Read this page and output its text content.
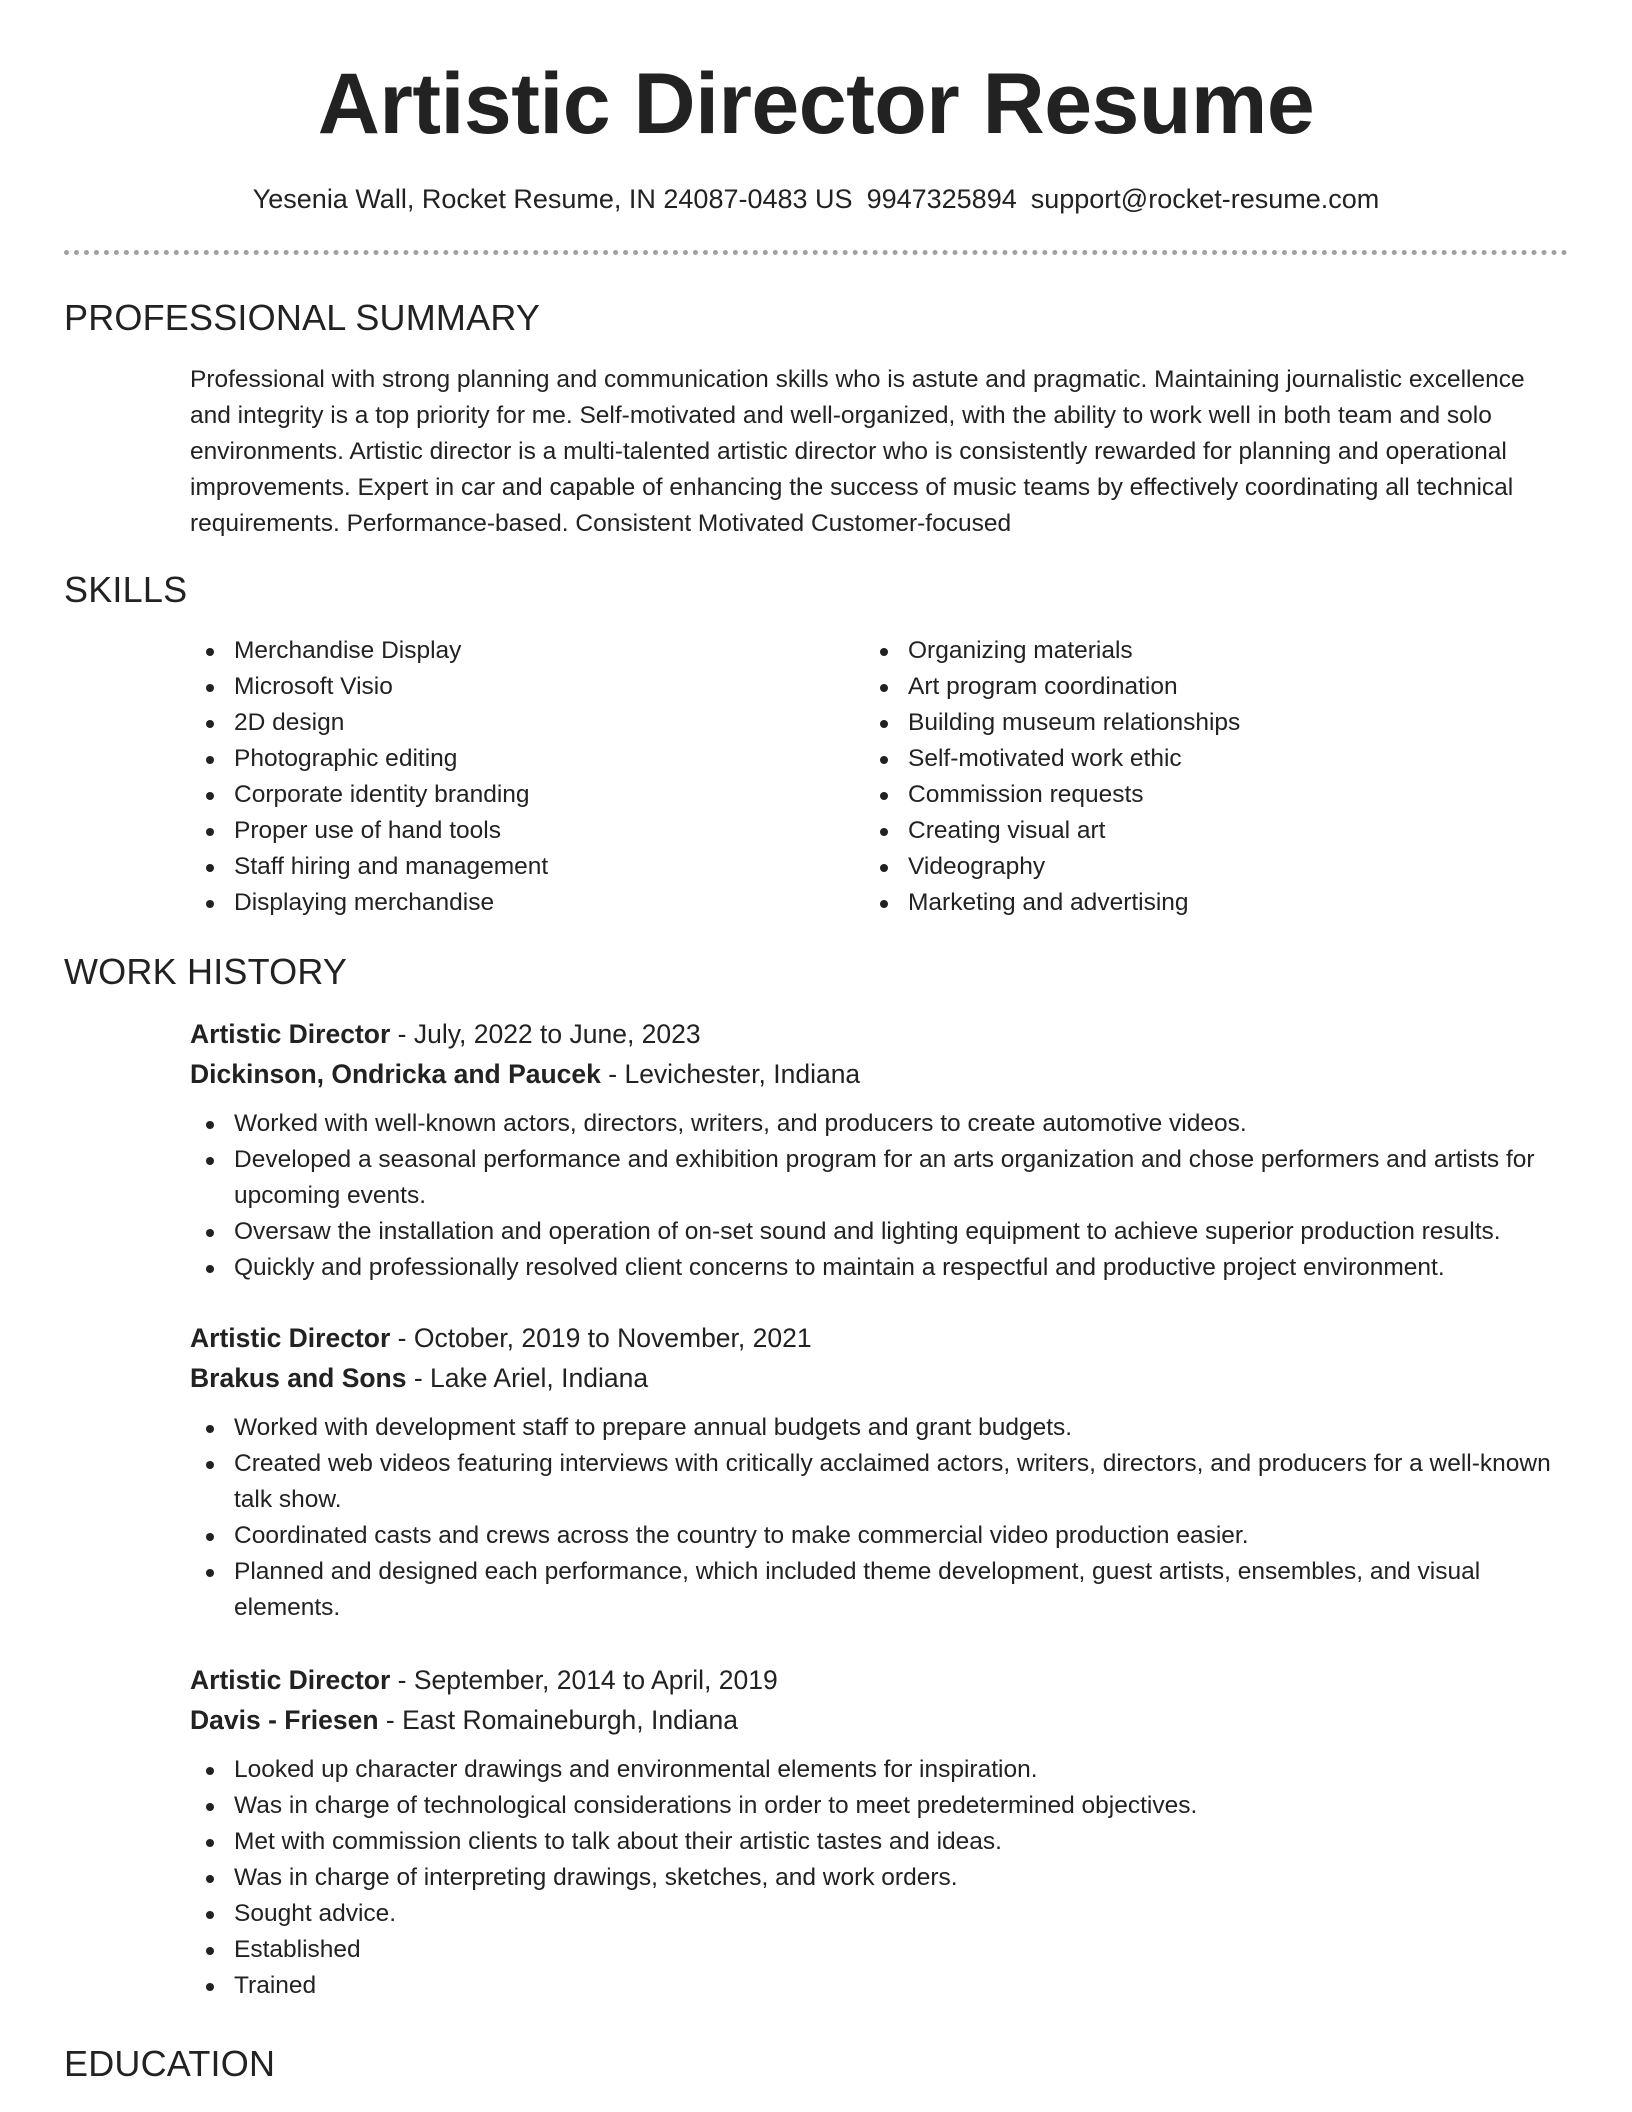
Artistic Director Resume
Yesenia Wall, Rocket Resume, IN 24087-0483 US 9947325894 support@rocket-resume.com
PROFESSIONAL SUMMARY
Professional with strong planning and communication skills who is astute and pragmatic. Maintaining journalistic excellence and integrity is a top priority for me. Self-motivated and well-organized, with the ability to work well in both team and solo environments. Artistic director is a multi-talented artistic director who is consistently rewarded for planning and operational improvements. Expert in car and capable of enhancing the success of music teams by effectively coordinating all technical requirements. Performance-based. Consistent Motivated Customer-focused
SKILLS
Merchandise Display
Microsoft Visio
2D design
Photographic editing
Corporate identity branding
Proper use of hand tools
Staff hiring and management
Displaying merchandise
Organizing materials
Art program coordination
Building museum relationships
Self-motivated work ethic
Commission requests
Creating visual art
Videography
Marketing and advertising
WORK HISTORY
Artistic Director - July, 2022 to June, 2023
Dickinson, Ondricka and Paucek - Levichester, Indiana
Worked with well-known actors, directors, writers, and producers to create automotive videos.
Developed a seasonal performance and exhibition program for an arts organization and chose performers and artists for upcoming events.
Oversaw the installation and operation of on-set sound and lighting equipment to achieve superior production results.
Quickly and professionally resolved client concerns to maintain a respectful and productive project environment.
Artistic Director - October, 2019 to November, 2021
Brakus and Sons - Lake Ariel, Indiana
Worked with development staff to prepare annual budgets and grant budgets.
Created web videos featuring interviews with critically acclaimed actors, writers, directors, and producers for a well-known talk show.
Coordinated casts and crews across the country to make commercial video production easier.
Planned and designed each performance, which included theme development, guest artists, ensembles, and visual elements.
Artistic Director - September, 2014 to April, 2019
Davis - Friesen - East Romaineburgh, Indiana
Looked up character drawings and environmental elements for inspiration.
Was in charge of technological considerations in order to meet predetermined objectives.
Met with commission clients to talk about their artistic tastes and ideas.
Was in charge of interpreting drawings, sketches, and work orders.
Sought advice.
Established
Trained
EDUCATION
